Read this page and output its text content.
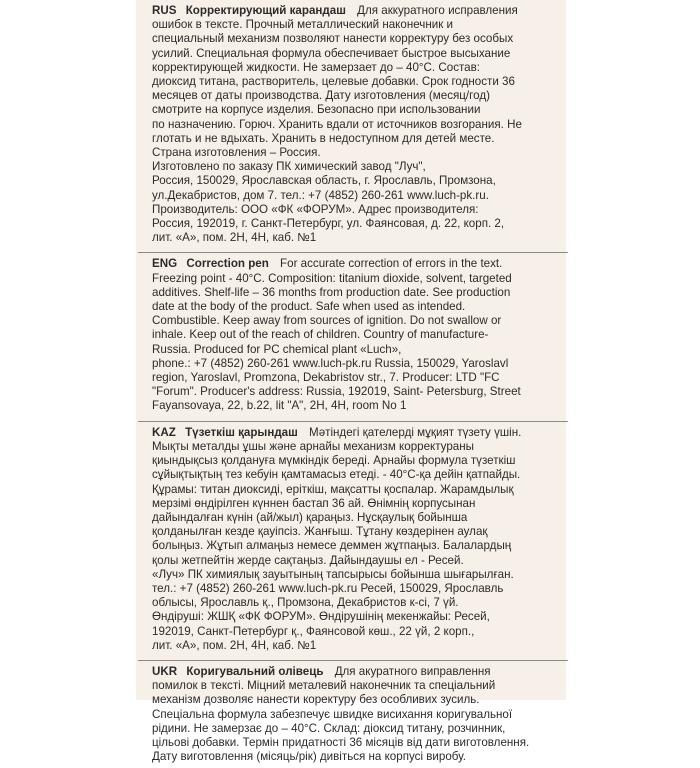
RUS Корректирующий карандаш Для аккуратного исправления
ошибок в тексте. Прочный металлический наконечник и
специальный механизм позволяют нанести корректуру без особых
усилий. Специальная формула обеспечивает быстрое высыхание
корректирующей жидкости. Не замерзает до – 40°С. Состав:
диоксид титана, растворитель, целевые добавки. Срок годности 36
месяцев от даты производства. Дату изготовления (месяц/год)
смотрите на корпусе изделия. Безопасно при использовании
по назначению. Горюч. Хранить вдали от источников возгорания. Не
глотать и не вдыхать. Хранить в недоступном для детей месте.
Страна изготовления – Россия.
Изготовлено по заказу ПК химический завод "Луч",
Россия, 150029, Ярославская область, г. Ярославль, Промзона,
ул.Декабристов, дом 7. тел.: +7 (4852) 260-261 www.luch-pk.ru.
Производитель: ООО «ФК «ФОРУМ». Адрес производителя:
Россия, 192019, г. Санкт-Петербург, ул. Фаянсовая, д. 22, корп. 2,
лит. «А», пом. 2Н, 4Н, каб. №1
ENG Correction pen For accurate correction of errors in the text.
Freezing point - 40°C. Composition: titanium dioxide, solvent, targeted
additives. Shelf-life – 36 months from production date. See production
date at the body of the product. Safe when used as intended.
Combustible. Keep away from sources of ignition. Do not swallow or
inhale. Keep out of the reach of children. Country of manufacture-
Russia. Produced for PC chemical plant «Luch»,
phone.: +7 (4852) 260-261 www.luch-pk.ru Russia, 150029, Yaroslavl
region, Yaroslavl, Promzona, Dekabristov str., 7. Producer: LTD "FC
"Forum". Producer's address: Russia, 192019, Saint- Petersburg, Street
Fayansovaya, 22, b.22, lit "A", 2H, 4H, room No 1
KAZ Түзеткіш қарындаш Мәтіндегі қателерді мұқият түзету үшін.
Мықты металды ұшы және арнайы механизм корректураны
қиындықсыз қолдануға мүмкіндік береді. Арнайы формула түзеткіш
сұйықтықтың тез кебуін қамтамасыз етеді. - 40°С-қа дейін қатпайды.
Құрамы: титан диоксиді, еріткіш, мақсатты қоспалар. Жарамдылық
мерзімі өндірілген күннен бастап 36 ай. Өнімнің корпусынан
дайындалған күнін (ай/жыл) қараңыз. Нұсқаулық бойынша
қолданылған кезде қауіпсіз. Жанғыш. Тұтану көздерінен аулақ
болыңыз. Жұтып алмаңыз немесе деммен жұтпаңыз. Балалардың
қолы жетпейтін жерде сақтаңыз. Дайындаушы ел - Ресей.
«Луч» ПК химиялық зауытының тапсырысы бойынша шығарылған.
тел.: +7 (4852) 260-261 www.luch-pk.ru Ресей, 150029, Ярославль
облысы, Ярославль қ., Промзона, Декабристов к-сі, 7 үй.
Өндіруші: ЖШҚ «ФК ФОРУМ». Өндірушінің мекенжайы: Ресей,
192019, Санкт-Петербург қ., Фаянсовой көш., 22 үй, 2 корп.,
лит. «А», пом. 2Н, 4Н, каб. №1
UKR Коригувальний олівець Для акуратного виправлення
помилок в тексті. Міцний металевий наконечник та спеціальний
механізм дозволяє нанести коректуру без особливих зусиль.
Спеціальна формула забезпечує швидке висихання коригувальної
рідини. Не замерзає до – 40°С. Склад: діоксид титану, розчинник,
цільові добавки. Термін придатності 36 місяців від дати виготовлення.
Дату виготовлення (місяць/рік) дивіться на корпусі виробу.
